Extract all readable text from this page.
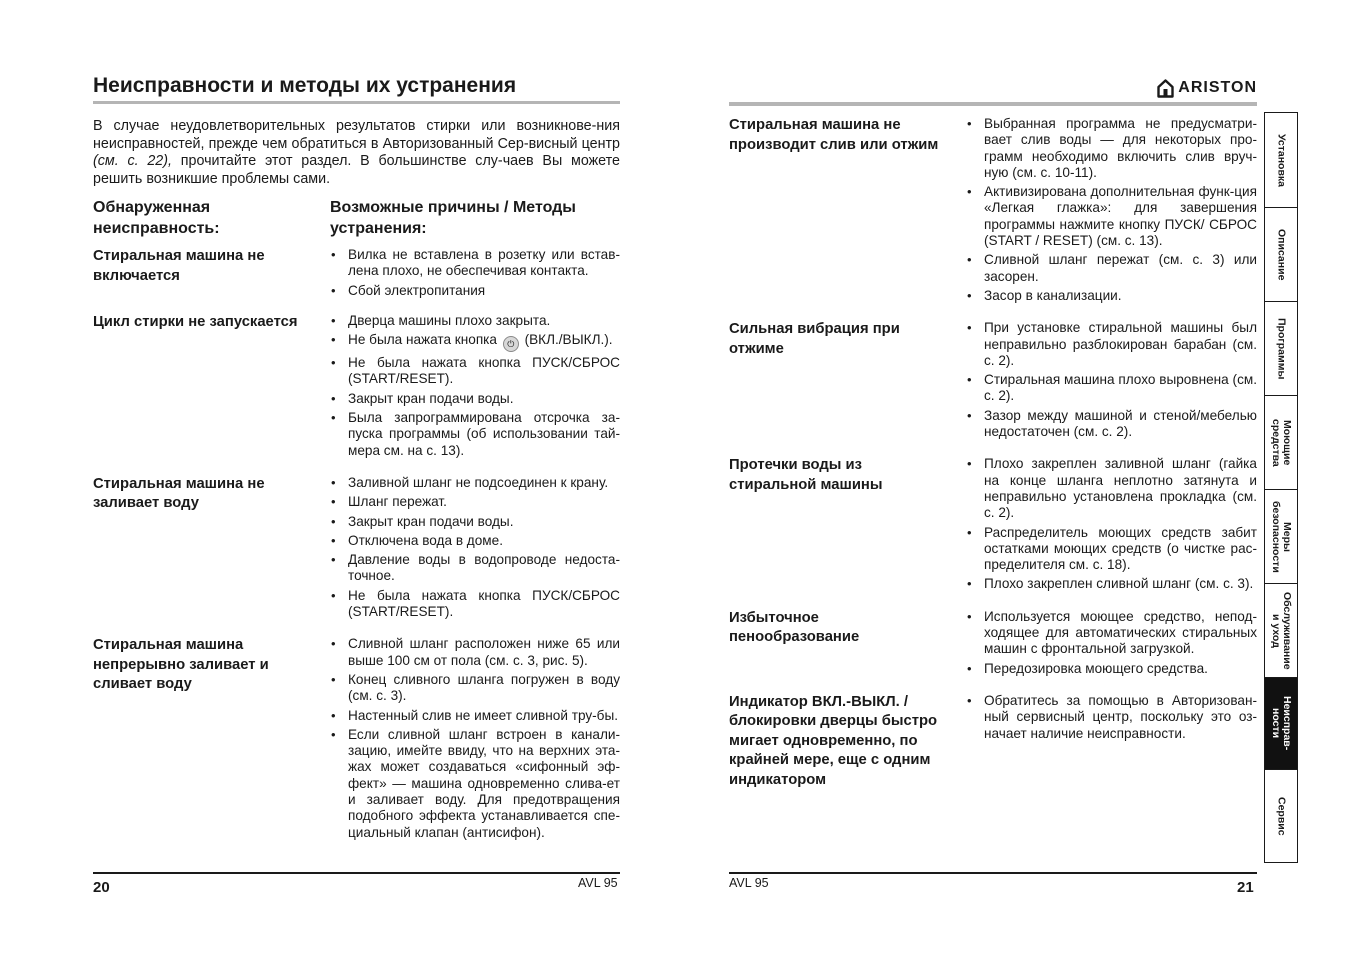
Неисправности и методы их устранения

В случае неудовлетворительных результатов стирки или возникнове-ния неисправностей, прежде чем обратиться в Авторизованный Сер-висный центр (см. с. 22), прочитайте этот раздел. В большинстве слу-чаев Вы можете решить возникшие проблемы сами.

Обнаруженная неисправность:
Возможные причины / Методы устранения:
Стиральная машина не включается
• Вилка не вставлена в розетку или встав-лена плохо, не обеспечивая контакта.
• Сбой электропитания
Цикл стирки не запускается
•	Дверца машины плохо закрыта.
• Не была нажата кнопка ⏻ (ВКЛ./ВЫКЛ.).
• Не была нажата кнопка ПУСК/СБРОС (START/RESET).
• Закрыт кран подачи воды.
• Была запрограммирована отсрочка за-пуска программы (об использовании тай-мера см. на с. 13).
Стиральная машина не заливает воду
• Заливной шланг не подсоединен к крану.
• Шланг пережат.
• Закрыт кран подачи воды.
• Отключена вода в доме.
• Давление воды в водопроводе недоста-точное.
• Не была нажата кнопка ПУСК/СБРОС (START/RESET).
Стиральная машина непрерывно заливает и сливает воду
• Сливной шланг расположен ниже 65 или выше 100 см от пола (см. с. 3, рис. 5).
• Конец сливного шланга погружен в воду (см. с. 3).
• Настенный слив не имеет сливной тру-бы.
• Если сливной шланг встроен в канали-зацию, имейте ввиду, что на верхних эта-жах может создаваться «сифонный эф-фект» — машина одновременно слива-ет и заливает воду. Для предотвращения подобного эффекта устанавливается спе-циальный клапан (антисифон).
ARISTON
Стиральная машина не производит слив или отжим
• Выбранная программа не предусматри-вает слив воды — для некоторых про-грамм необходимо включить слив вруч-ную (см. с. 10-11).
• Активизирована дополнительная функ-ция «Легкая глажка»: для завершения программы нажмите кнопку ПУСК/ СБРОС (START / RESET) (см. с. 13).
• Сливной шланг пережат (см. с. 3) или засорен.
• Засор в канализации.
Сильная вибрация при отжиме
• При установке стиральной машины был неправильно разблокирован барабан (см. с. 2).
• Стиральная машина плохо выровнена (см. с. 2).
• Зазор между машиной и стеной/мебелью недостаточен (см. с. 2).
Протечки воды из стиральной машины
• Плохо закреплен заливной шланг (гайка на конце шланга неплотно затянута и неправильно установлена прокладка (см. с. 2).
• Распределитель моющих средств забит остатками моющих средств (о чистке рас-пределителя см. с. 18).
• Плохо закреплен сливной шланг (см. с. 3).
Избыточное пенообразование
• Используется моющее средство, непод-ходящее для автоматических стиральных машин с фронтальной загрузкой.
• Передозировка моющего средства.
Индикатор ВКЛ.-ВЫКЛ. / блокировки дверцы быстро мигает одновременно, по крайней мере, еще с одним индикатором
• Обратитесь за помощью в Авторизован-ный сервисный центр, поскольку это оз-начает наличие неисправности.
Установка
Описание
Программы
Моющие
средства
Меры
безопасности
Обслуживание
и уход
Неисправ-
ности
Сервис
20	AVL 95	AVL 95	21
